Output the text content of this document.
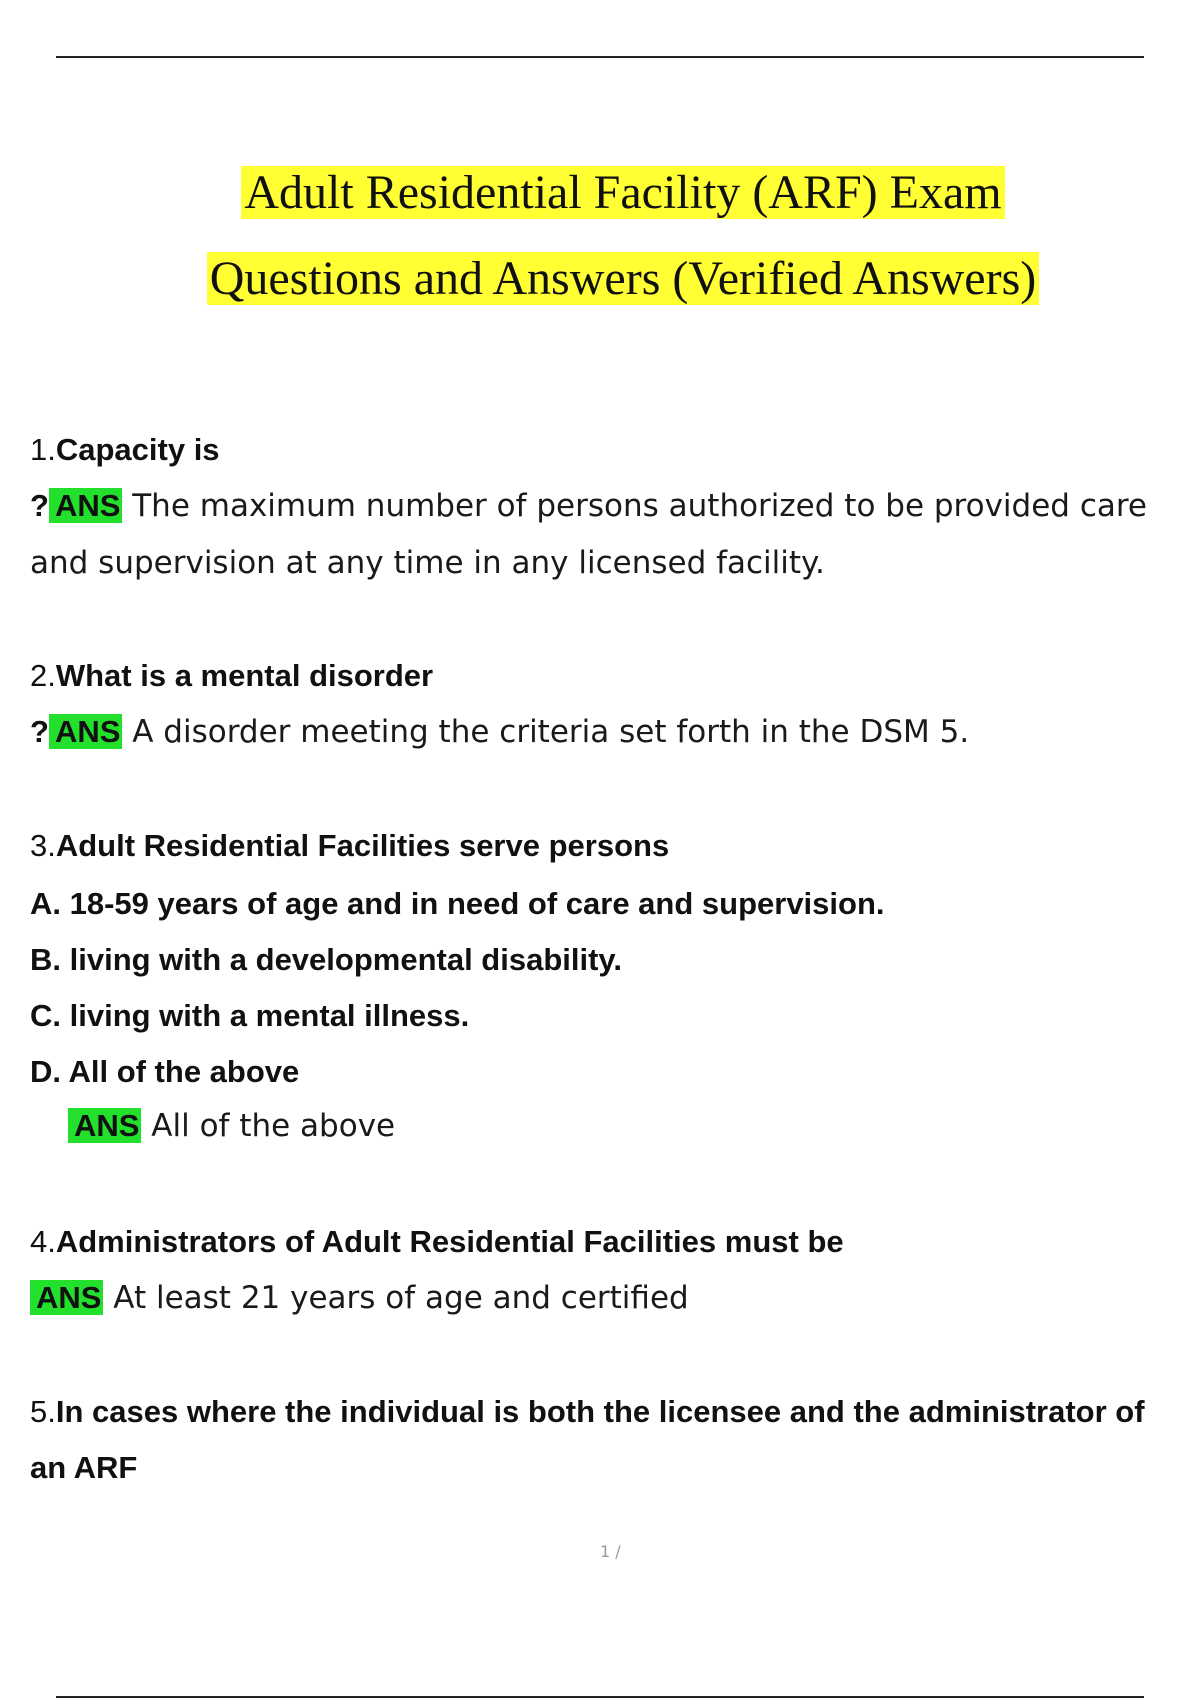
Adult Residential Facility (ARF) Exam
Questions and Answers (Verified Answers)
1.Capacity is
? ANS The maximum number of persons authorized to be provided care
and supervision at any time in any licensed facility.
2.What is a mental disorder
? ANS A disorder meeting the criteria set forth in the DSM 5.
3.Adult Residential Facilities serve persons
A. 18-59 years of age and in need of care and supervision.
B. living with a developmental disability.
C. living with a mental illness.
D. All of the above
ANS All of the above
4.Administrators of Adult Residential Facilities must be
ANS At least 21 years of age and certified
5.In cases where the individual is both the licensee and the administrator of
an ARF
1 /
